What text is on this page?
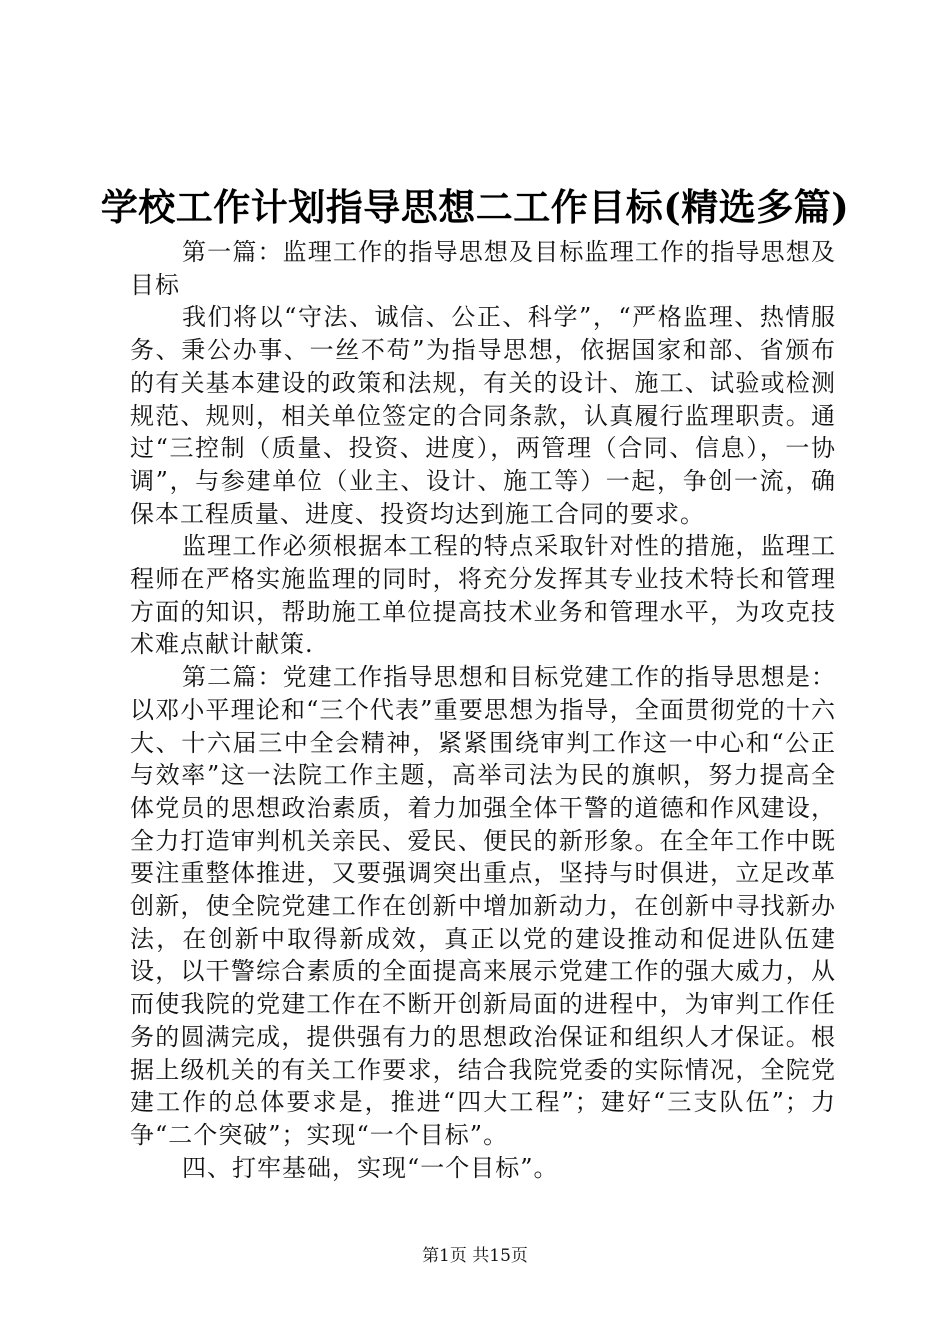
学校工作计划指导思想二工作目标(精选多篇)

第一篇：监理工作的指导思想及目标监理工作的指导思想及目标

我们将以“守法、诚信、公正、科学”，“严格监理、热情服务、秉公办事、一丝不苟”为指导思想，依据国家和部、省颁布的有关基本建设的政策和法规，有关的设计、施工、试验或检测规范、规则，相关单位签定的合同条款，认真履行监理职责。通过“三控制（质量、投资、进度），两管理（合同、信息），一协调”，与参建单位（业主、设计、施工等）一起，争创一流，确保本工程质量、进度、投资均达到施工合同的要求。

监理工作必须根据本工程的特点采取针对性的措施，监理工程师在严格实施监理的同时，将充分发挥其专业技术特长和管理方面的知识，帮助施工单位提高技术业务和管理水平，为攻克技术难点献计献策.

第二篇：党建工作指导思想和目标党建工作的指导思想是：以邓小平理论和“三个代表”重要思想为指导，全面贯彻党的十六大、十六届三中全会精神，紧紧围绕审判工作这一中心和“公正与效率”这一法院工作主题，高举司法为民的旗帜，努力提高全体党员的思想政治素质，着力加强全体干警的道德和作风建设，全力打造审判机关亲民、爱民、便民的新形象。在全年工作中既要注重整体推进，又要强调突出重点，坚持与时俱进，立足改革创新，使全院党建工作在创新中增加新动力，在创新中寻找新办法，在创新中取得新成效，真正以党的建设推动和促进队伍建设，以干警综合素质的全面提高来展示党建工作的强大威力，从而使我院的党建工作在不断开创新局面的进程中，为审判工作任务的圆满完成，提供强有力的思想政治保证和组织人才保证。根据上级机关的有关工作要求，结合我院党委的实际情况，全院党建工作的总体要求是，推进“四大工程”；建好“三支队伍”；力争“二个突破”；实现“一个目标”。

四、打牢基础，实现“一个目标”。

第1页 共15页
